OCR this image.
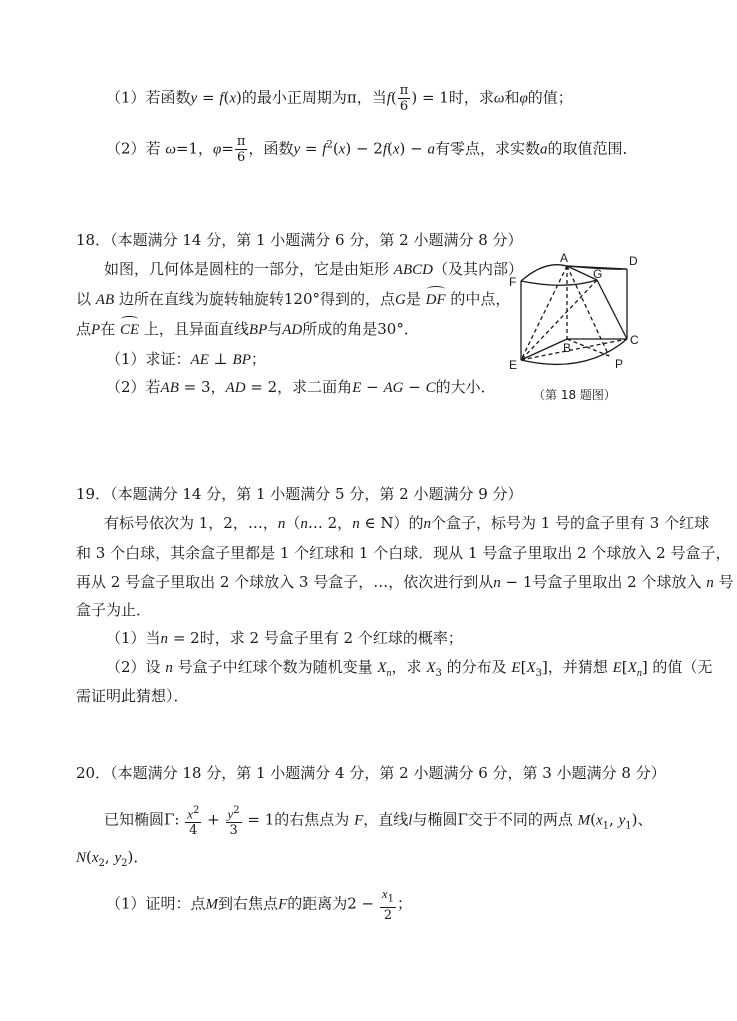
（1）若函数y = f(x)的最小正周期为π，当$f( \frac{\pi}{6}$ ) = 1时，求ω和φ的值；
（2）若 ω=1，$\varphi= \frac{\pi}{6}$ ，函数$y = f^2(x) - 2f(x) - a$有零点，求实数a的取值范围．
18．（本题满分 14 分，第 1 小题满分 6 分，第 2 小题满分 8 分）
如图，几何体是圆柱的一部分，它是由矩形 ABCD（及其内部）
以 AB 边所在直线为旋转轴旋转120°得到的，点G是 DF 的中点，
点P在 CE 上，且异面直线BP与AD所成的角是30°．
（1）求证：AE ⊥ BP；
（2）若AB = 3，AD = 2，求二面角E − AG − C的大小．
A	D
F
G
B
C
E	P
（第 18 题图）
19．（本题满分 14 分，第 1 小题满分 5 分，第 2 小题满分 9 分）
有标号依次为 1，2，…，n（n… 2，n ∈ N）的n个盒子，标号为 1 号的盒子里有 3 个红球
和 3 个白球，其余盒子里都是 1 个红球和 1 个白球．现从 1 号盒子里取出 2 个球放入 2 号盒子，
再从 2 号盒子里取出 2 个球放入 3 号盒子，…，依次进行到从n − 1号盒子里取出 2 个球放入 n 号
盒子为止．
（1）当n = 2时，求 2 号盒子里有 2 个红球的概率；
（2）设 n 号盒子中红球个数为随机变量 $X_n$，求 $X_3$ 的分布及 $E[X_3]$，并猜想 $E[X_n]$ 的值（无
需证明此猜想）．
20．（本题满分 18 分，第 1 小题满分 4 分，第 2 小题满分 6 分，第 3 小题满分 8 分）
已知椭圆Γ: $\frac{x^2}{4} + \frac{y^2}{3} = 1$的右焦点为 F，直线l与椭圆Γ交于不同的两点 $M(x_1$, $y_1$)、
$N(x_2$, $y_2$)．
（1）证明：点M到右焦点F的距离为$2 - \frac{x_1}{2}$ ；
